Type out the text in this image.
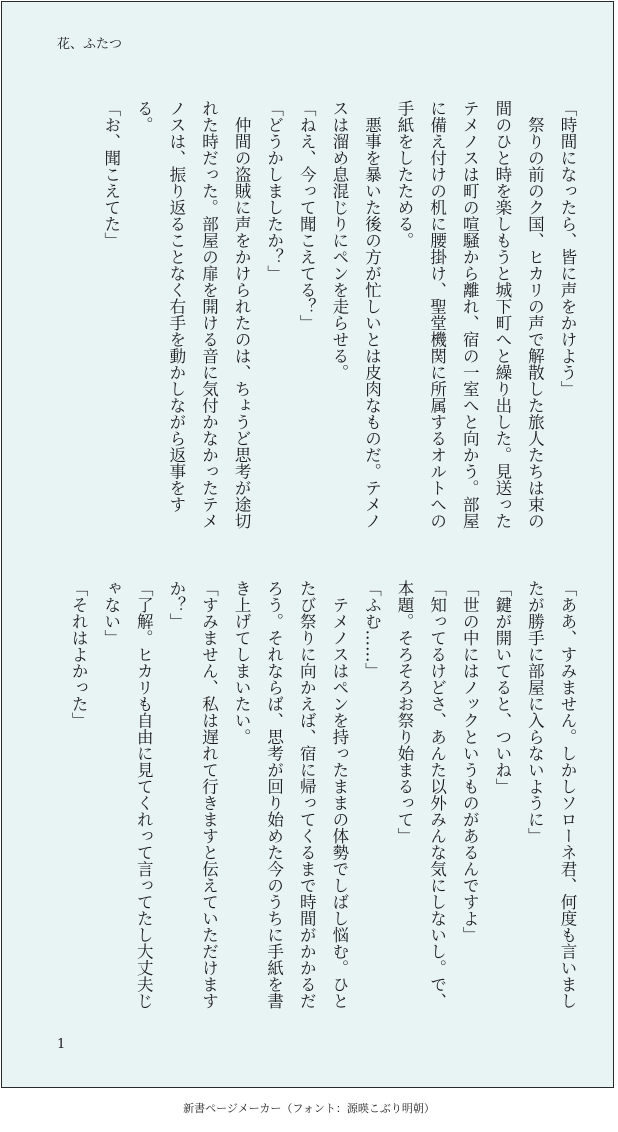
花、ふたつ

「時間になったら、皆に声をかけよう」

　祭りの前のク国、ヒカリの声で解散した旅人たちは束の間のひと時を楽しもうと城下町へと繰り出した。見送ったテメノスは町の喧騒から離れ、宿の一室へと向かう。部屋に備え付けの机に腰掛け、聖堂機関に所属するオルトへの手紙をしたためる。

　悪事を暴いた後の方が忙しいとは皮肉なものだ。テメノスは溜め息混じりにペンを走らせる。

「ねえ、今って聞こえてる？」

「どうかしましたか？」

　仲間の盗賊に声をかけられたのは、ちょうど思考が途切れた時だった。部屋の扉を開ける音に気付かなかったテメノスは、振り返ることなく右手を動かしながら返事をする。

「お、聞こえてた」

「ああ、すみません。しかしソローネ君、何度も言いましたが勝手に部屋に入らないように」

「鍵が開いてると、ついね」

「世の中にはノックというものがあるんですよ」

「知ってるけどさ、あんた以外みんな気にしないし。で、本題。そろそろお祭り始まるって」

「ふむ……」

　テメノスはペンを持ったままの体勢でしばし悩む。ひとたび祭りに向かえば、宿に帰ってくるまで時間がかかるだろう。それならば、思考が回り始めた今のうちに手紙を書き上げてしまいたい。

「すみません、私は遅れて行きますと伝えていただけますか？」

「了解。ヒカリも自由に見てくれって言ってたし大丈夫じゃない」

「それはよかった」

1
新書ページメーカー（フォント：源暎こぶり明朝）
